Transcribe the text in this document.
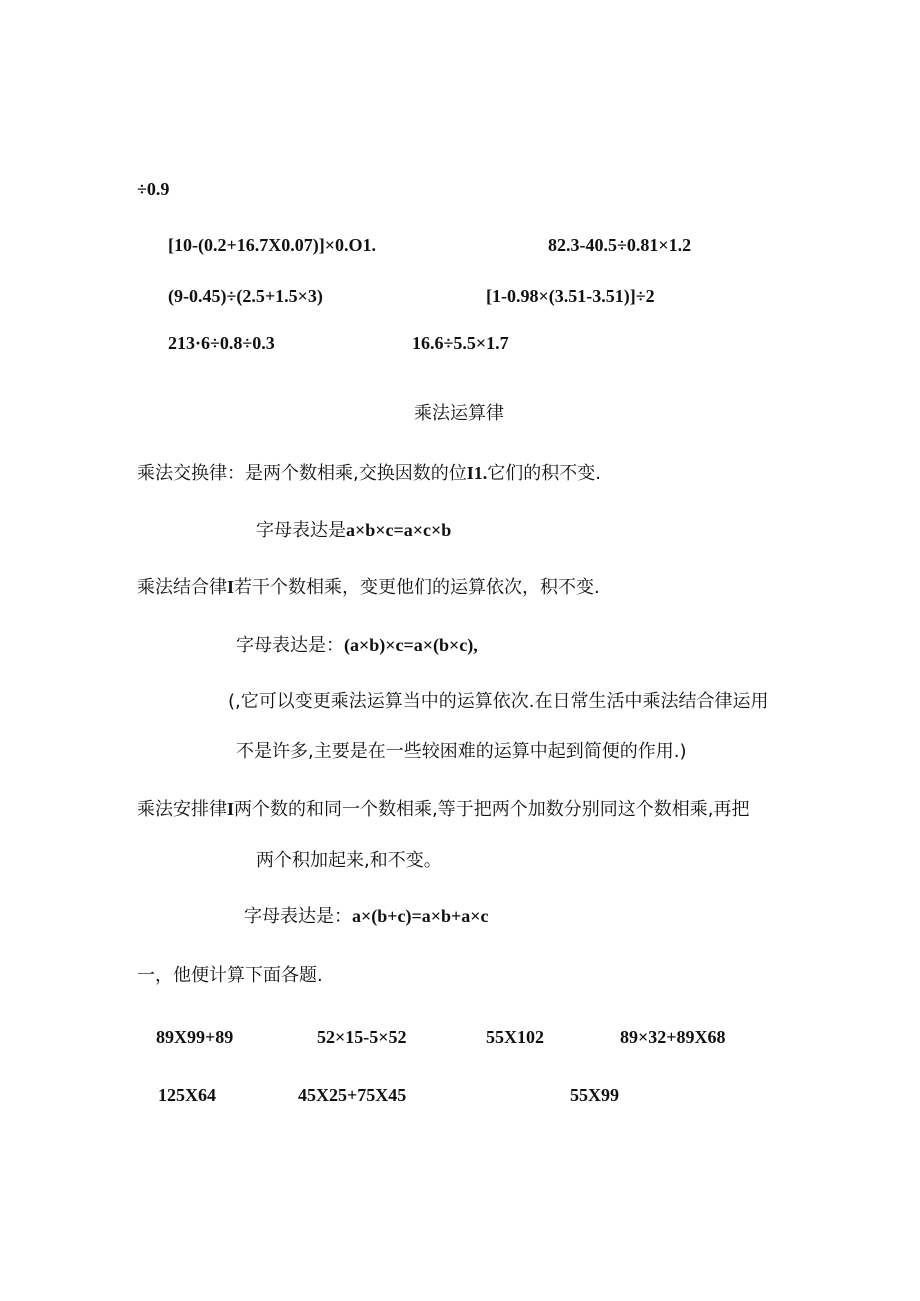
÷0.9
[10-(0.2+16.7X0.07)]×0.O1.	82.3-40.5÷0.81×1.2
(9-0.45)÷(2.5+1.5×3)	[1-0.98×(3.51-3.51)]÷2
213·6÷0.8÷0.3	16.6÷5.5×1.7
乘法运算律
乘法交换律：是两个数相乘,交换因数的位I1.它们的积不变.
字母表达是a×b×c=a×c×b
乘法结合律I若干个数相乘，变更他们的运算依次，积不变.
字母表达是：(a×b)×c=a×(b×c),
(,它可以变更乘法运算当中的运算依次.在日常生活中乘法结合律运用
不是许多,主要是在一些较困难的运算中起到简便的作用.)
乘法安排律I两个数的和同一个数相乘,等于把两个加数分别同这个数相乘,再把
两个积加起来,和不变。
字母表达是：a×(b+c)=a×b+a×c
一，他便计算下面各题.
89X99+89	52×15-5×52	55X102	89×32+89X68
125X64	45X25+75X45	55X99
